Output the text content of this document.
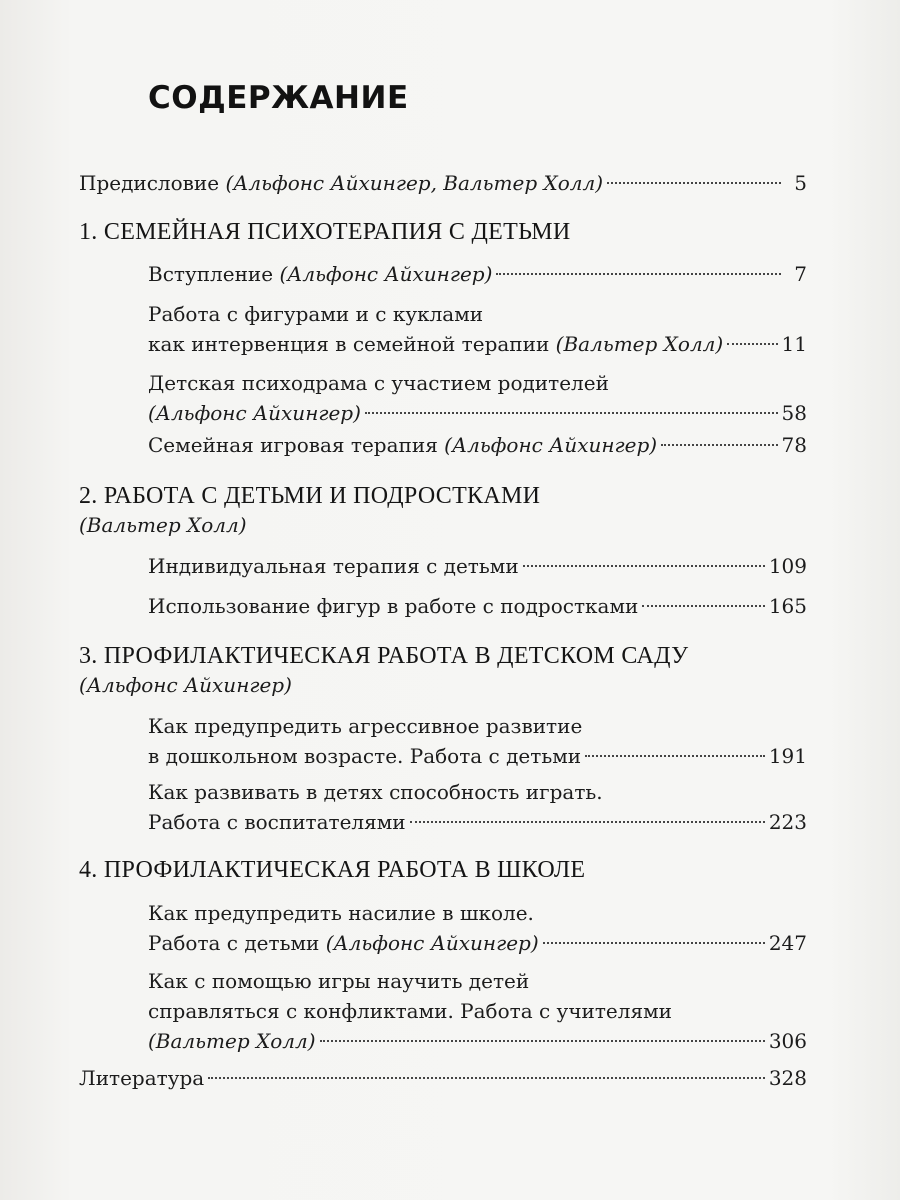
СОДЕРЖАНИЕ
Предисловие
(Альфонс Айхингер, Вальтер Холл)	5
1. СЕМЕЙНАЯ ПСИХОТЕРАПИЯ С ДЕТЬМИ
Вступление
(Альфонс Айхингер)	7
Работа с фигурами и с куклами
как интервенция в семейной терапии
(Вальтер Холл)	11
Детская психодрама с участием родителей
(Альфонс Айхингер)	58
Семейная игровая терапия
(Альфонс Айхингер)	78
2. РАБОТА С ДЕТЬМИ И ПОДРОСТКАМИ
(Вальтер Холл)
Индивидуальная терапия с детьми	109
Использование фигур в работе с подростками	165
3. ПРОФИЛАКТИЧЕСКАЯ РАБОТА В ДЕТСКОМ САДУ
(Альфонс Айхингер)
Как предупредить агрессивное развитие
в дошкольном возрасте. Работа с детьми	191
Как развивать в детях способность играть.
Работа с воспитателями	223
4. ПРОФИЛАКТИЧЕСКАЯ РАБОТА В ШКОЛЕ
Как предупредить насилие в школе.
Работа с детьми
(Альфонс Айхингер)	247
Как с помощью игры научить детей
справляться с конфликтами. Работа с учителями
(Вальтер Холл)	306
Литература	328
